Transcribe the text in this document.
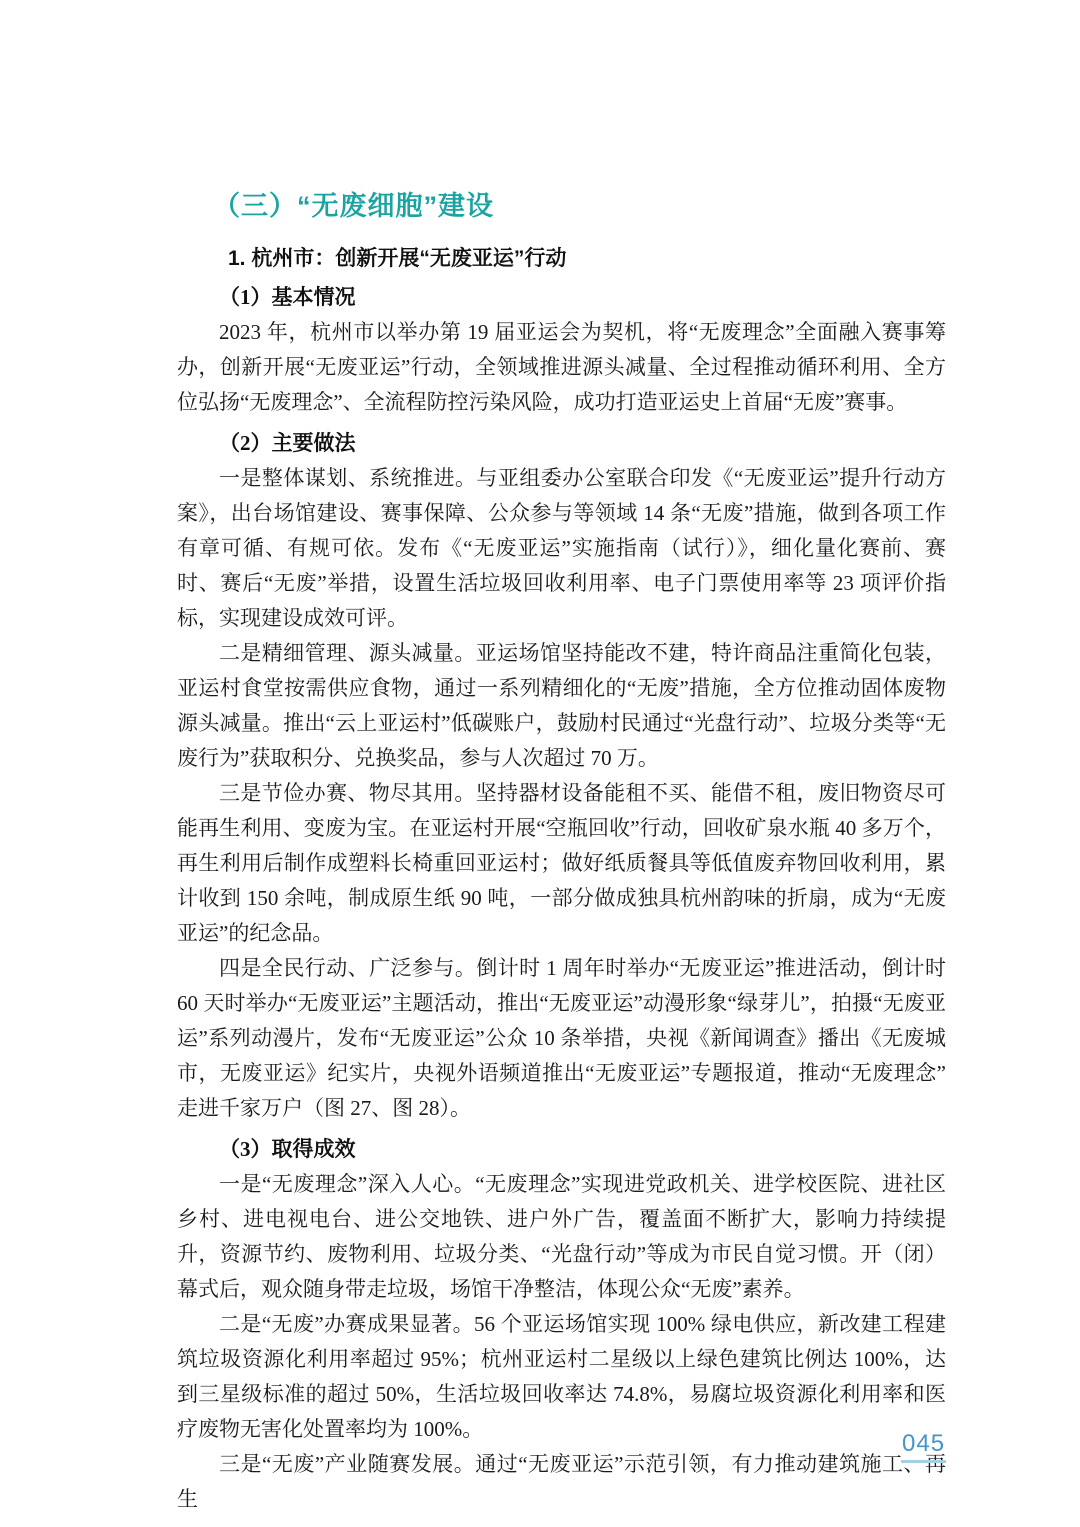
（三）“无废细胞”建设
1. 杭州市：创新开展“无废亚运”行动
（1）基本情况

2023 年，杭州市以举办第 19 届亚运会为契机，将“无废理念”全面融入赛事筹办，创新开展“无废亚运”行动，全领域推进源头减量、全过程推动循环利用、全方位弘扬“无废理念”、全流程防控污染风险，成功打造亚运史上首届“无废”赛事。

（2）主要做法

一是整体谋划、系统推进。与亚组委办公室联合印发《“无废亚运”提升行动方案》，出台场馆建设、赛事保障、公众参与等领域 14 条“无废”措施，做到各项工作有章可循、有规可依。发布《“无废亚运”实施指南（试行）》，细化量化赛前、赛时、赛后“无废”举措，设置生活垃圾回收利用率、电子门票使用率等 23 项评价指标，实现建设成效可评。

二是精细管理、源头减量。亚运场馆坚持能改不建，特许商品注重简化包装，亚运村食堂按需供应食物，通过一系列精细化的“无废”措施，全方位推动固体废物源头减量。推出“云上亚运村”低碳账户，鼓励村民通过“光盘行动”、垃圾分类等“无废行为”获取积分、兑换奖品，参与人次超过 70 万。

三是节俭办赛、物尽其用。坚持器材设备能租不买、能借不租，废旧物资尽可能再生利用、变废为宝。在亚运村开展“空瓶回收”行动，回收矿泉水瓶 40 多万个，再生利用后制作成塑料长椅重回亚运村；做好纸质餐具等低值废弃物回收利用，累计收到 150 余吨，制成原生纸 90 吨，一部分做成独具杭州韵味的折扇，成为“无废亚运”的纪念品。

四是全民行动、广泛参与。倒计时 1 周年时举办“无废亚运”推进活动，倒计时 60 天时举办“无废亚运”主题活动，推出“无废亚运”动漫形象“绿芽儿”，拍摄“无废亚运”系列动漫片，发布“无废亚运”公众 10 条举措，央视《新闻调查》播出《无废城市，无废亚运》纪实片，央视外语频道推出“无废亚运”专题报道，推动“无废理念”走进千家万户（图 27、图 28）。

（3）取得成效

一是“无废理念”深入人心。“无废理念”实现进党政机关、进学校医院、进社区乡村、进电视电台、进公交地铁、进户外广告，覆盖面不断扩大，影响力持续提升，资源节约、废物利用、垃圾分类、“光盘行动”等成为市民自觉习惯。开（闭）幕式后，观众随身带走垃圾，场馆干净整洁，体现公众“无废”素养。

二是“无废”办赛成果显著。56 个亚运场馆实现 100% 绿电供应，新改建工程建筑垃圾资源化利用率超过 95%；杭州亚运村二星级以上绿色建筑比例达 100%，达到三星级标准的超过 50%，生活垃圾回收率达 74.8%，易腐垃圾资源化利用率和医疗废物无害化处置率均为 100%。

三是“无废”产业随赛发展。通过“无废亚运”示范引领，有力推动建筑施工、再生

045
